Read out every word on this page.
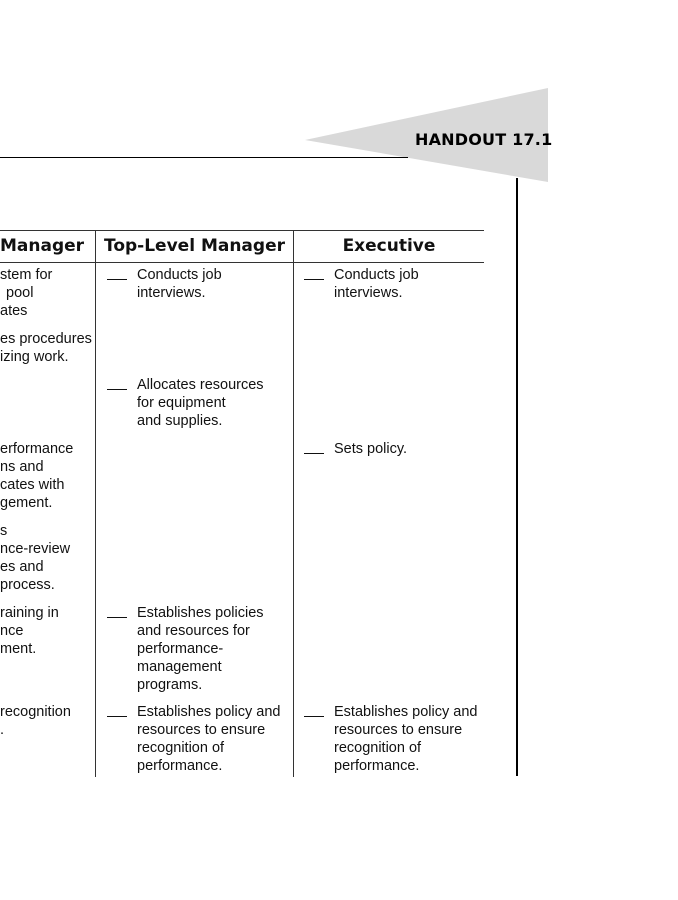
HANDOUT 17.1
Manager	Top-Level Manager	Executive
stem for
pool
ates
es procedures
izing work.
erformance
ns and
cates with
gement.
s
nce-review
es and
process.
raining in
nce
ment.
recognition
.
Conducts job
interviews.
Allocates resources
for equipment
and supplies.
Establishes policies
and resources for
performance-
management
programs.
Establishes policy and
resources to ensure
recognition of
performance.
Conducts job
interviews.
Sets policy.
Establishes policy and
resources to ensure
recognition of
performance.
